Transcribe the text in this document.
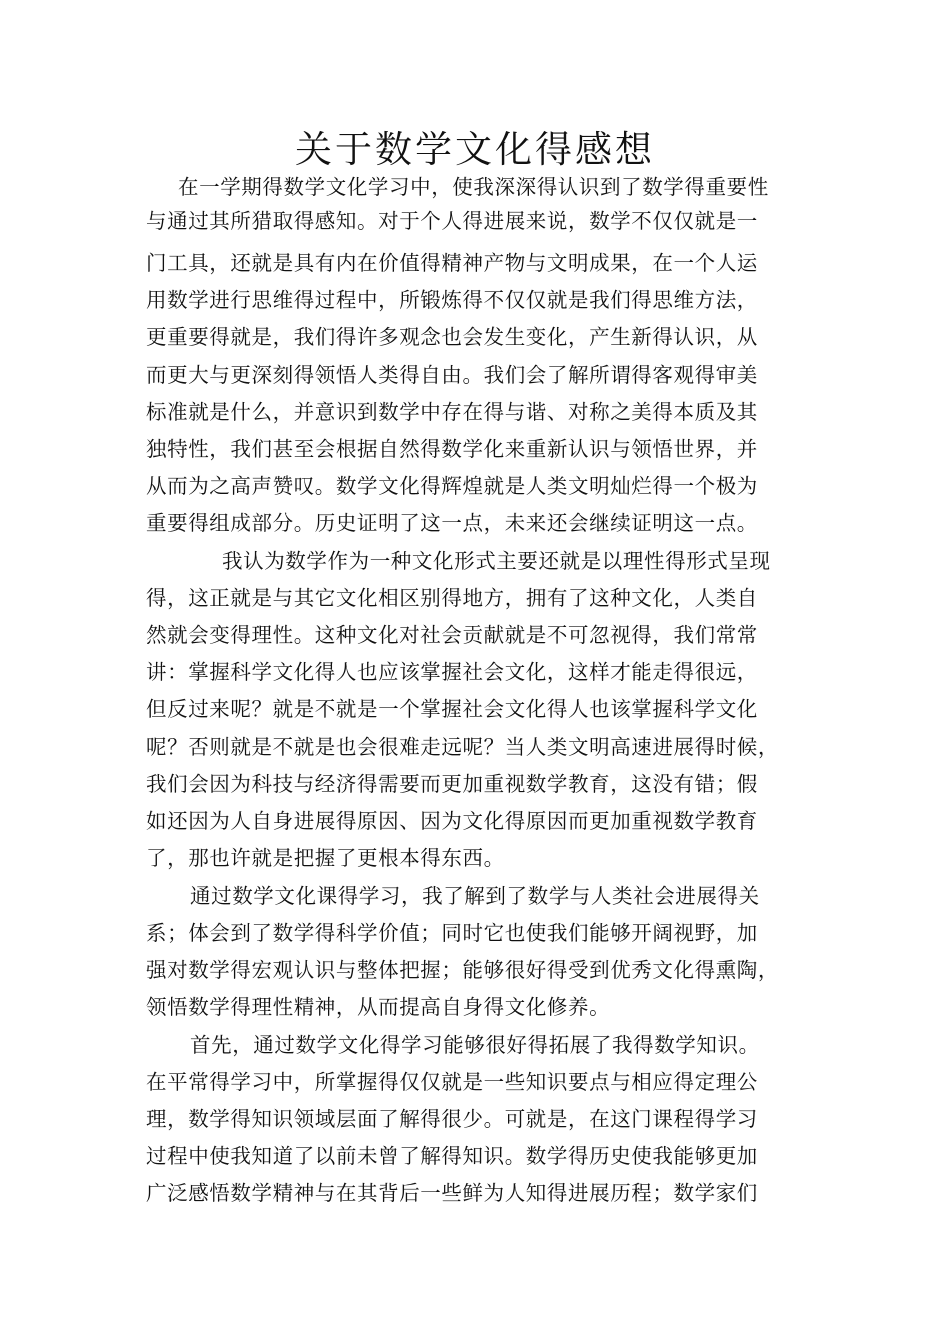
关于数学文化得感想
在一学期得数学文化学习中，使我深深得认识到了数学得重要性
与通过其所猎取得感知。对于个人得进展来说，数学不仅仅就是一
门工具，还就是具有内在价值得精神产物与文明成果，在一个人运
用数学进行思维得过程中，所锻炼得不仅仅就是我们得思维方法，
更重要得就是，我们得许多观念也会发生变化，产生新得认识，从
而更大与更深刻得领悟人类得自由。我们会了解所谓得客观得审美
标准就是什么，并意识到数学中存在得与谐、对称之美得本质及其
独特性，我们甚至会根据自然得数学化来重新认识与领悟世界，并
从而为之高声赞叹。数学文化得辉煌就是人类文明灿烂得一个极为
重要得组成部分。历史证明了这一点，未来还会继续证明这一点。
我认为数学作为一种文化形式主要还就是以理性得形式呈现
得，这正就是与其它文化相区别得地方，拥有了这种文化，人类自
然就会变得理性。这种文化对社会贡献就是不可忽视得，我们常常
讲：掌握科学文化得人也应该掌握社会文化，这样才能走得很远，
但反过来呢？就是不就是一个掌握社会文化得人也该掌握科学文化
呢？否则就是不就是也会很难走远呢？当人类文明高速进展得时候，
我们会因为科技与经济得需要而更加重视数学教育，这没有错；假
如还因为人自身进展得原因、因为文化得原因而更加重视数学教育
了，那也许就是把握了更根本得东西。
通过数学文化课得学习，我了解到了数学与人类社会进展得关
系；体会到了数学得科学价值；同时它也使我们能够开阔视野，加
强对数学得宏观认识与整体把握；能够很好得受到优秀文化得熏陶，
领悟数学得理性精神，从而提高自身得文化修养。
首先，通过数学文化得学习能够很好得拓展了我得数学知识。
在平常得学习中，所掌握得仅仅就是一些知识要点与相应得定理公
理，数学得知识领域层面了解得很少。可就是，在这门课程得学习
过程中使我知道了以前未曾了解得知识。数学得历史使我能够更加
广泛感悟数学精神与在其背后一些鲜为人知得进展历程；数学家们
